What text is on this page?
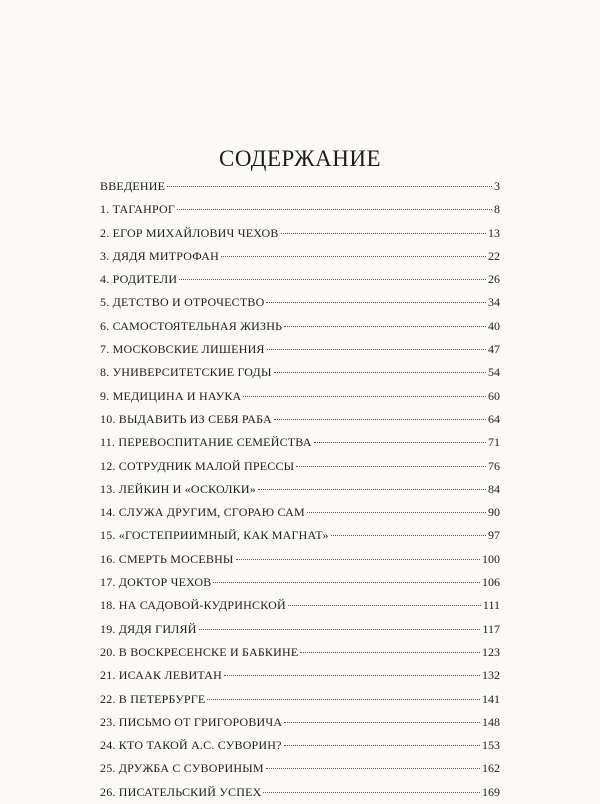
СОДЕРЖАНИЕ
ВВЕДЕНИЕ	3
1. ТАГАНРОГ	8
2. ЕГОР МИХАЙЛОВИЧ ЧЕХОВ	13
3. ДЯДЯ МИТРОФАН	22
4. РОДИТЕЛИ	26
5. ДЕТСТВО И ОТРОЧЕСТВО	34
6. САМОСТОЯТЕЛЬНАЯ ЖИЗНЬ	40
7. МОСКОВСКИЕ ЛИШЕНИЯ	47
8. УНИВЕРСИТЕТСКИЕ ГОДЫ	54
9. МЕДИЦИНА И НАУКА	60
10. ВЫДАВИТЬ ИЗ СЕБЯ РАБА	64
11. ПЕРЕВОСПИТАНИЕ СЕМЕЙСТВА	71
12. СОТРУДНИК МАЛОЙ ПРЕССЫ	76
13. ЛЕЙКИН И «ОСКОЛКИ»	84
14. СЛУЖА ДРУГИМ, СГОРАЮ САМ	90
15. «ГОСТЕПРИИМНЫЙ, КАК МАГНАТ»	97
16. СМЕРТЬ МОСЕВНЫ	100
17. ДОКТОР ЧЕХОВ	106
18. НА САДОВОЙ-КУДРИНСКОЙ	111
19. ДЯДЯ ГИЛЯЙ	117
20. В ВОСКРЕСЕНСКЕ И БАБКИНЕ	123
21. ИСААК ЛЕВИТАН	132
22. В ПЕТЕРБУРГЕ	141
23. ПИСЬМО ОТ ГРИГОРОВИЧА	148
24. КТО ТАКОЙ А.С. СУВОРИН?	153
25. ДРУЖБА С СУВОРИНЫМ	162
26. ПИСАТЕЛЬСКИЙ УСПЕХ	169
